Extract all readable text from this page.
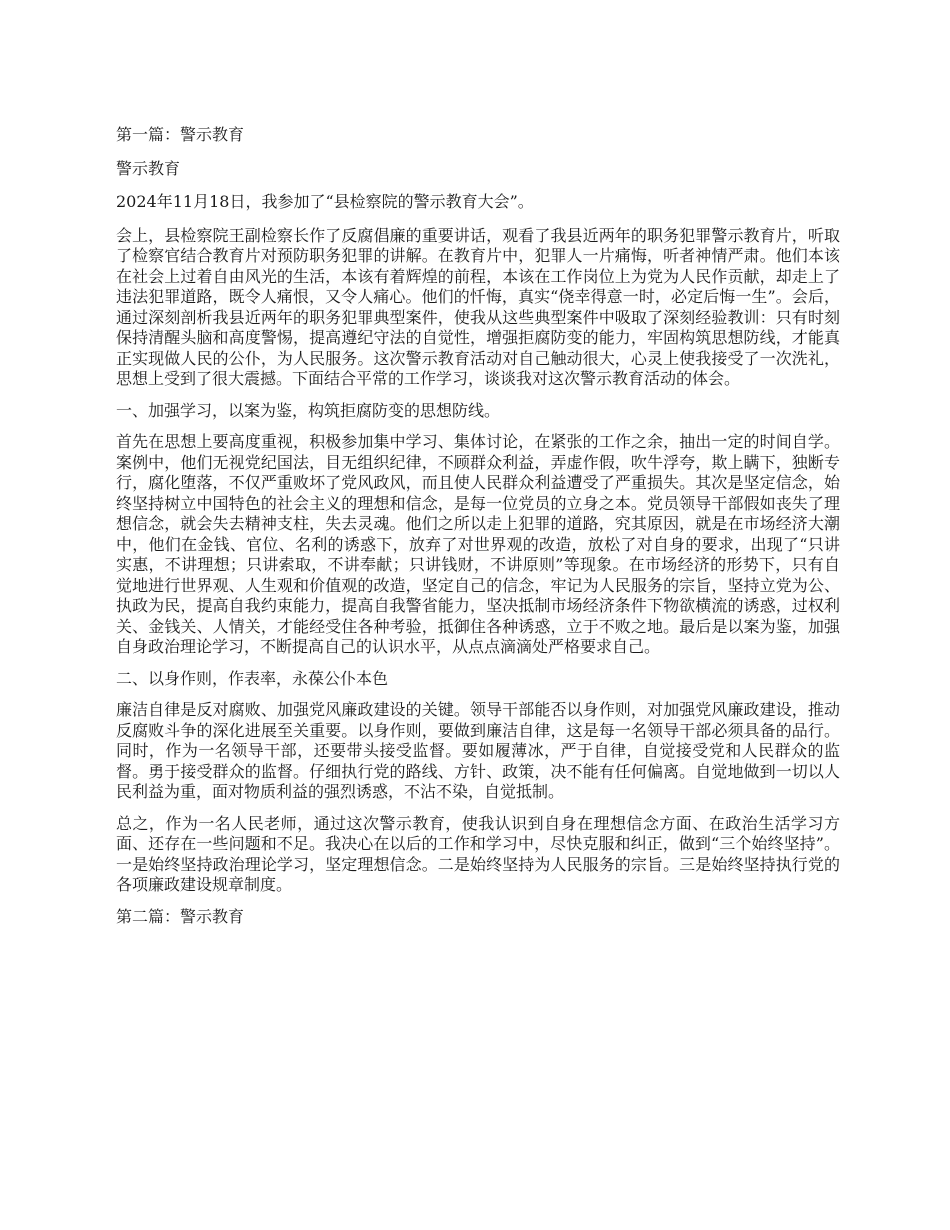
第一篇：警示教育

警示教育

2024年11月18日，我参加了“县检察院的警示教育大会”。

会上，县检察院王副检察长作了反腐倡廉的重要讲话，观看了我县近两年的职务犯罪警示教育片，听取了检察官结合教育片对预防职务犯罪的讲解。在教育片中，犯罪人一片痛悔，听者神情严肃。他们本该在社会上过着自由风光的生活，本该有着辉煌的前程，本该在工作岗位上为党为人民作贡献，却走上了违法犯罪道路，既令人痛恨，又令人痛心。他们的忏悔，真实“侥幸得意一时，必定后悔一生”。会后，通过深刻剖析我县近两年的职务犯罪典型案件，使我从这些典型案件中吸取了深刻经验教训：只有时刻保持清醒头脑和高度警惕，提高遵纪守法的自觉性，增强拒腐防变的能力，牢固构筑思想防线，才能真正实现做人民的公仆，为人民服务。这次警示教育活动对自己触动很大，心灵上使我接受了一次洗礼，思想上受到了很大震撼。下面结合平常的工作学习，谈谈我对这次警示教育活动的体会。

一、加强学习，以案为鉴，构筑拒腐防变的思想防线。

首先在思想上要高度重视，积极参加集中学习、集体讨论，在紧张的工作之余，抽出一定的时间自学。案例中，他们无视党纪国法，目无组织纪律，不顾群众利益，弄虚作假，吹牛浮夸，欺上瞒下，独断专行，腐化堕落，不仅严重败坏了党风政风，而且使人民群众利益遭受了严重损失。其次是坚定信念，始终坚持树立中国特色的社会主义的理想和信念，是每一位党员的立身之本。党员领导干部假如丧失了理想信念，就会失去精神支柱，失去灵魂。他们之所以走上犯罪的道路，究其原因，就是在市场经济大潮中，他们在金钱、官位、名利的诱惑下，放弃了对世界观的改造，放松了对自身的要求，出现了“只讲实惠，不讲理想；只讲索取，不讲奉献；只讲钱财，不讲原则”等现象。在市场经济的形势下，只有自觉地进行世界观、人生观和价值观的改造，坚定自己的信念，牢记为人民服务的宗旨，坚持立党为公、执政为民，提高自我约束能力，提高自我警省能力，坚决抵制市场经济条件下物欲横流的诱惑，过权利关、金钱关、人情关，才能经受住各种考验，抵御住各种诱惑，立于不败之地。最后是以案为鉴，加强自身政治理论学习，不断提高自己的认识水平，从点点滴滴处严格要求自己。

二、以身作则，作表率，永葆公仆本色

廉洁自律是反对腐败、加强党风廉政建设的关键。领导干部能否以身作则，对加强党风廉政建设，推动反腐败斗争的深化进展至关重要。以身作则，要做到廉洁自律，这是每一名领导干部必须具备的品行。同时，作为一名领导干部，还要带头接受监督。要如履薄冰，严于自律，自觉接受党和人民群众的监督。勇于接受群众的监督。仔细执行党的路线、方针、政策，决不能有任何偏离。自觉地做到一切以人民利益为重，面对物质利益的强烈诱惑，不沾不染，自觉抵制。

总之，作为一名人民老师，通过这次警示教育，使我认识到自身在理想信念方面、在政治生活学习方面、还存在一些问题和不足。我决心在以后的工作和学习中，尽快克服和纠正，做到“三个始终坚持”。一是始终坚持政治理论学习，坚定理想信念。二是始终坚持为人民服务的宗旨。三是始终坚持执行党的各项廉政建设规章制度。

第二篇：警示教育
